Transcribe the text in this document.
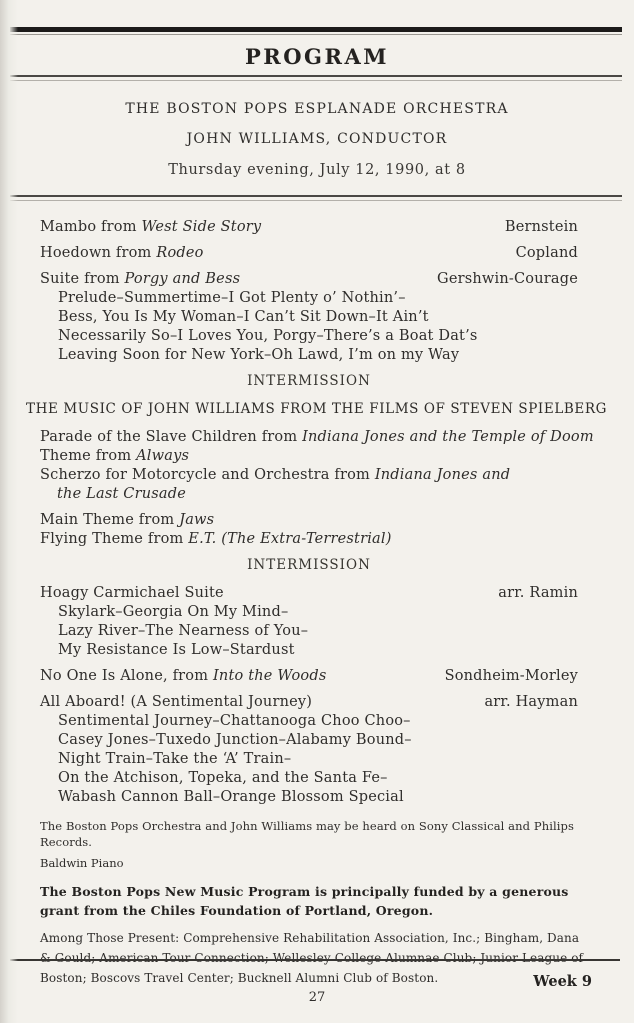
PROGRAM
THE BOSTON POPS ESPLANADE ORCHESTRA
JOHN WILLIAMS, CONDUCTOR
Thursday evening, July 12, 1990, at 8
Mambo from West Side Story	Bernstein
Hoedown from Rodeo	Copland
Suite from Porgy and Bess	Gershwin-Courage
Prelude–Summertime–I Got Plenty o’ Nothin’–
Bess, You Is My Woman–I Can’t Sit Down–It Ain’t
Necessarily So–I Loves You, Porgy–There’s a Boat Dat’s
Leaving Soon for New York–Oh Lawd, I’m on my Way
INTERMISSION
THE MUSIC OF JOHN WILLIAMS FROM THE FILMS OF STEVEN SPIELBERG
Parade of the Slave Children from Indiana Jones and the Temple of Doom
Theme from Always
Scherzo for Motorcycle and Orchestra from Indiana Jones and
the Last Crusade
Main Theme from Jaws
Flying Theme from E.T. (The Extra-Terrestrial)
INTERMISSION
Hoagy Carmichael Suite	arr. Ramin
Skylark–Georgia On My Mind–
Lazy River–The Nearness of You–
My Resistance Is Low–Stardust
No One Is Alone, from Into the Woods	Sondheim-Morley
All Aboard! (A Sentimental Journey)	arr. Hayman
Sentimental Journey–Chattanooga Choo Choo–
Casey Jones–Tuxedo Junction–Alabamy Bound–
Night Train–Take the ‘A’ Train–
On the Atchison, Topeka, and the Santa Fe–
Wabash Cannon Ball–Orange Blossom Special
The Boston Pops Orchestra and John Williams may be heard on Sony Classical and Philips Records.
Baldwin Piano
The Boston Pops New Music Program is principally funded by a generous grant from the Chiles Foundation of Portland, Oregon.
Among Those Present: Comprehensive Rehabilitation Association, Inc.; Bingham, Dana & Gould; American Tour Connection; Wellesley College Alumnae Club; Junior League of Boston; Boscovs Travel Center; Bucknell Alumni Club of Boston.	Week 9
27
